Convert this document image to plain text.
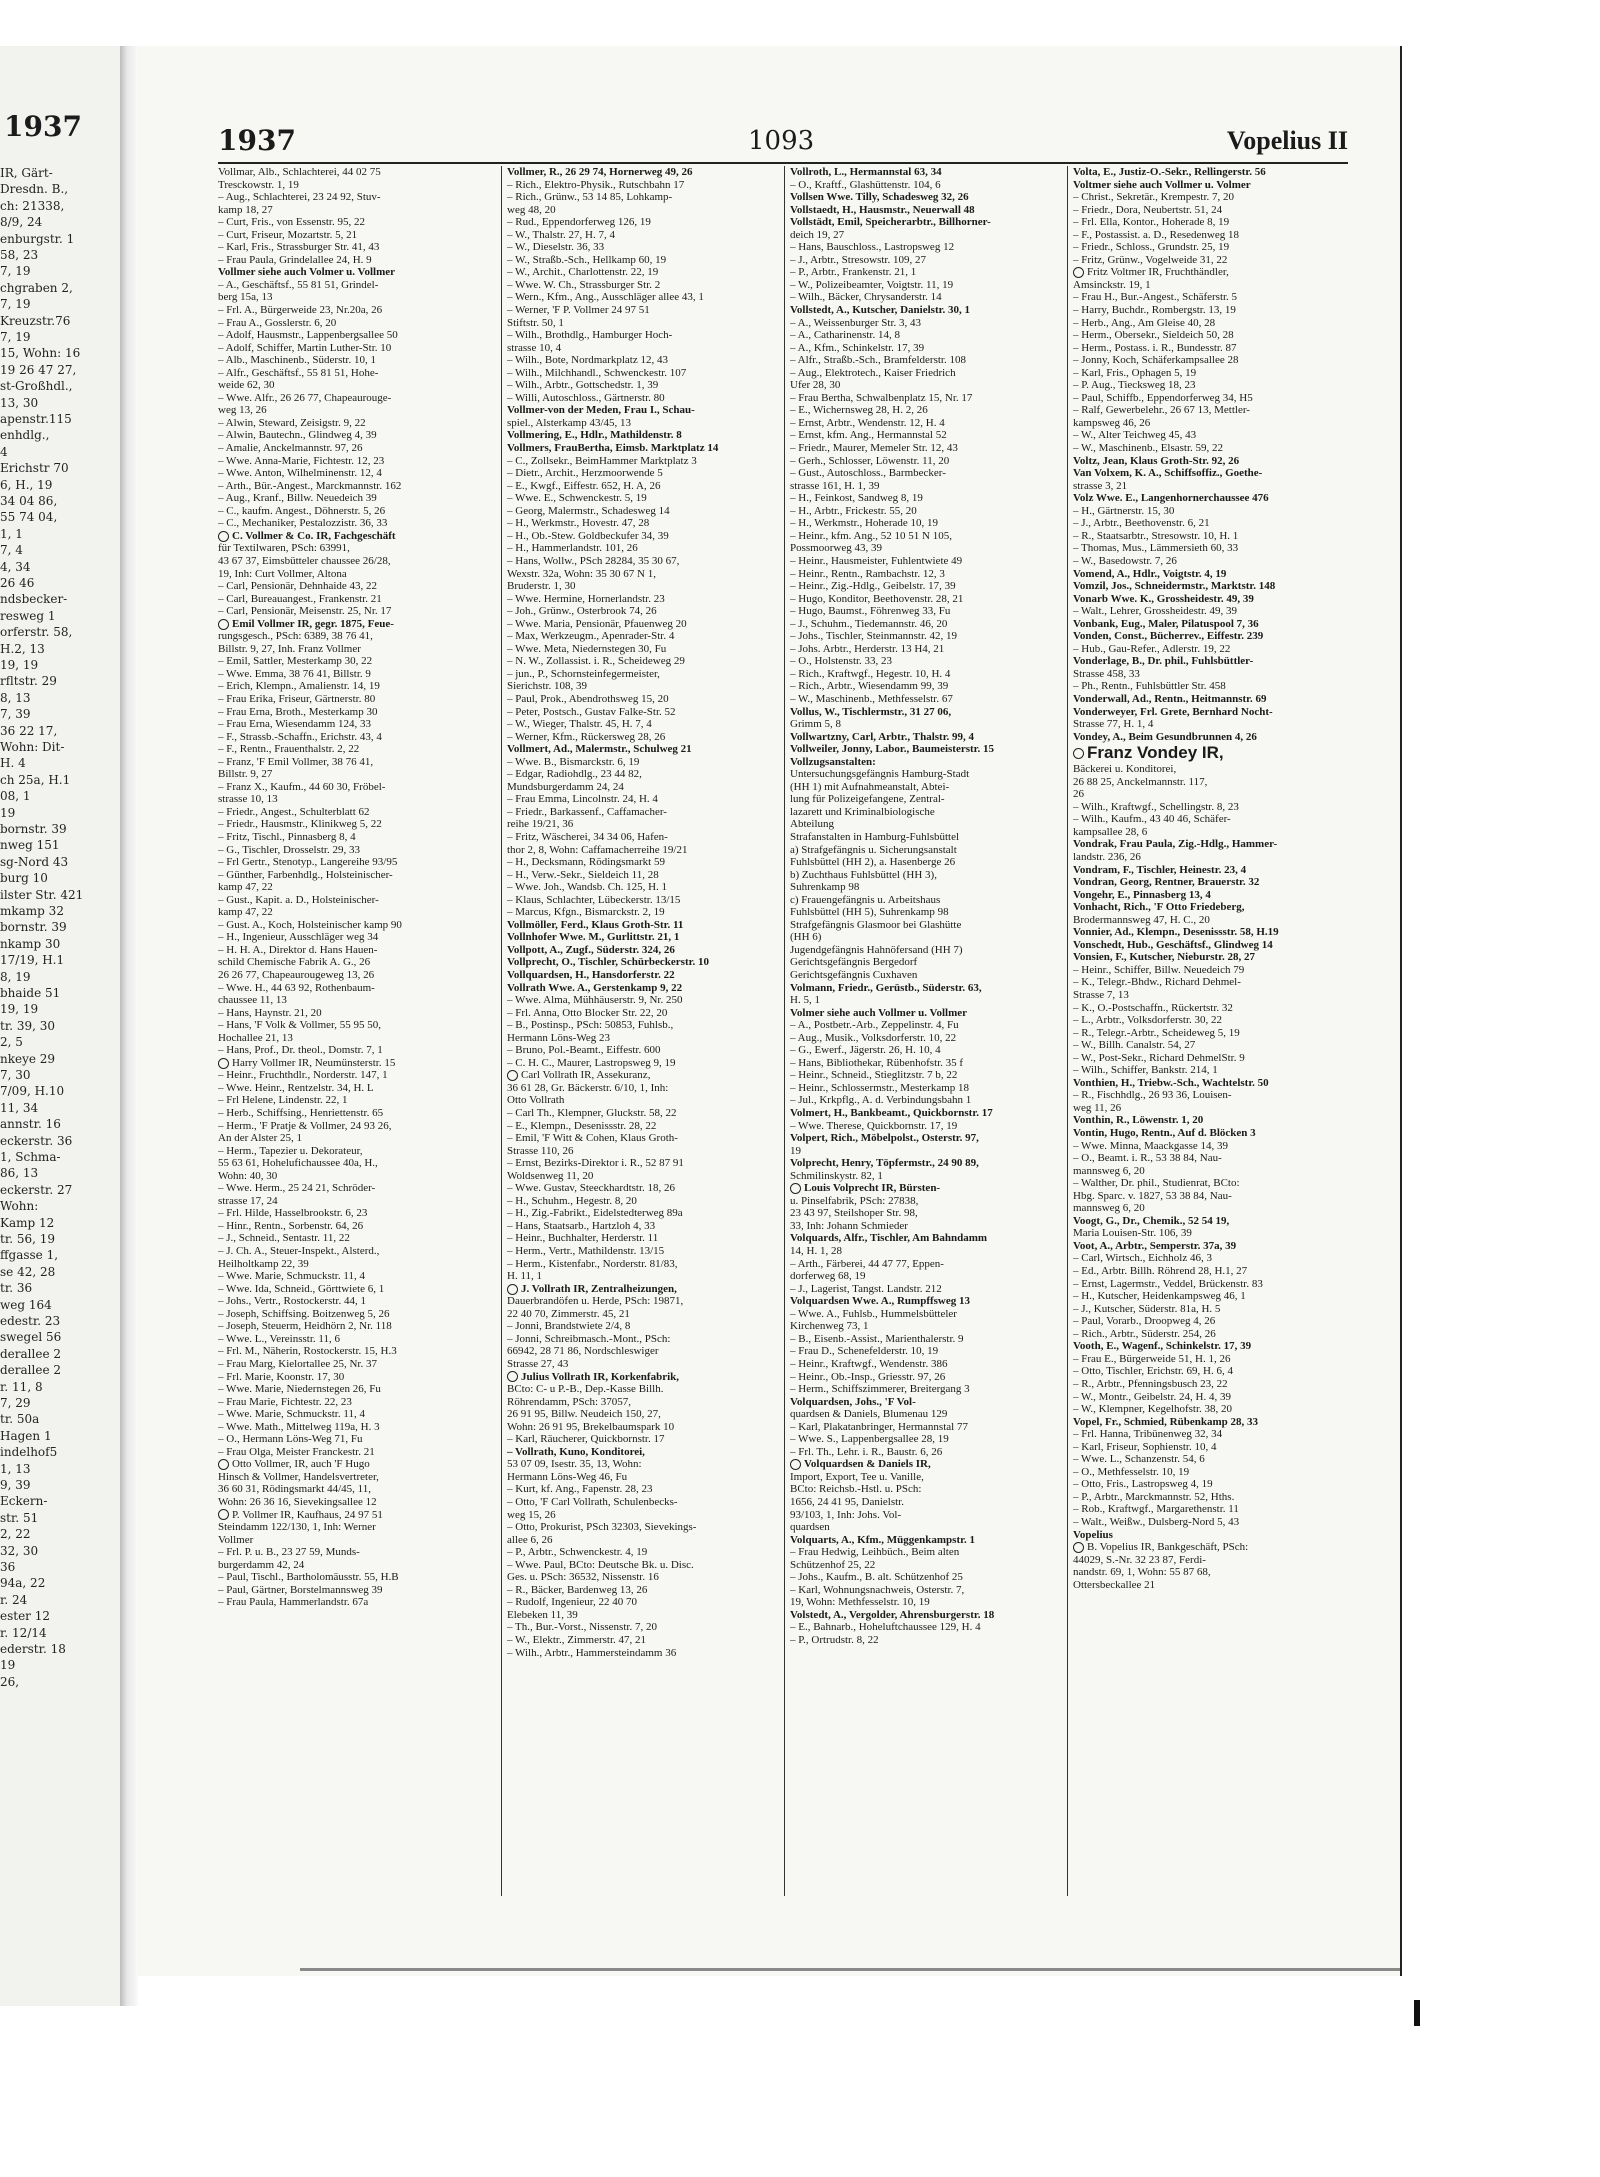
1937
IR, Gärt-
Dresdn. B.,
ch: 21338,
8/9, 24
enburgstr. 1
58, 23
7, 19
chgraben 2,
7, 19
Kreuzstr.76
7, 19
15, Wohn: 16
19 26 47 27,
st-Großhdl.,
13, 30
apenstr.115
enhdlg.,
4
Erichstr 70
6, H., 19
34 04 86,
55 74 04,
1, 1
7, 4
4, 34
26 46
ndsbecker-
resweg 1
orferstr. 58,
H.2, 13
19, 19
rfltstr. 29
8, 13
7, 39
36 22 17,
Wohn: Dit-
H. 4
ch 25a, H.1
08, 1
19
bornstr. 39
nweg 151
sg-Nord 43
burg 10
ilster Str. 421
mkamp 32
bornstr. 39
nkamp 30
17/19, H.1
8, 19
bhaide 51
19, 19
tr. 39, 30
2, 5
nkeye 29
7, 30
7/09, H.10
11, 34
annstr. 16
eckerstr. 36
1, Schma-
86, 13
eckerstr. 27
Wohn:
Kamp 12
tr. 56, 19
ffgasse 1,
se 42, 28
tr. 36
weg 164
edestr. 23
swegel 56
derallee 2
derallee 2
r. 11, 8
7, 29
tr. 50a
Hagen 1
indelhof5
1, 13
9, 39
Eckern-
str. 51
2, 22
32, 30
36
94a, 22
r. 24
ester 12
r. 12/14
ederstr. 18
19
26,
1937	1093	Vopelius II
Vollmar, Alb., Schlachterei, 44 02 75
Tresckowstr. 1, 19
– Aug., Schlachterei, 23 24 92, Stuv-
kamp 18, 27
– Curt, Fris., von Essenstr. 95, 22
– Curt, Friseur, Mozartstr. 5, 21
– Karl, Fris., Strassburger Str. 41, 43
– Frau Paula, Grindelallee 24, H. 9
Vollmer siehe auch Volmer u. Vollmer
– A., Geschäftsf., 55 81 51, Grindel-
berg 15a, 13
– Frl. A., Bürgerweide 23, Nr.20a, 26
– Frau A., Gosslerstr. 6, 20
– Adolf, Hausmstr., Lappenbergsallee 50
– Adolf, Schiffer, Martin Luther-Str. 10
– Alb., Maschinenb., Süderstr. 10, 1
– Alfr., Geschäftsf., 55 81 51, Hohe-
weide 62, 30
– Wwe. Alfr., 26 26 77, Chapeaurouge-
weg 13, 26
– Alwin, Steward, Zeisigstr. 9, 22
– Alwin, Bautechn., Glindweg 4, 39
– Amalie, Anckelmannstr. 97, 26
– Wwe. Anna-Marie, Fichtestr. 12, 23
– Wwe. Anton, Wilhelminenstr. 12, 4
– Arth., Bür.-Angest., Marckmannstr. 162
– Aug., Kranf., Billw. Neuedeich 39
– C., kaufm. Angest., Döhnerstr. 5, 26
– C., Mechaniker, Pestalozzistr. 36, 33
C. Vollmer & Co. IR, Fachgeschäft
für Textilwaren, PSch: 63991,
43 67 37, Eimsbütteler chaussee 26/28,
19, Inh: Curt Vollmer, Altona
– Carl, Pensionär, Dehnhaide 43, 22
– Carl, Bureauangest., Frankenstr. 21
– Carl, Pensionär, Meisenstr. 25, Nr. 17
Emil Vollmer IR, gegr. 1875, Feue-
rungsgesch., PSch: 6389, 38 76 41,
Billstr. 9, 27, Inh. Franz Vollmer
– Emil, Sattler, Mesterkamp 30, 22
– Wwe. Emma, 38 76 41, Billstr. 9
– Erich, Klempn., Amalienstr. 14, 19
– Frau Erika, Friseur, Gärtnerstr. 80
– Frau Erna, Broth., Mesterkamp 30
– Frau Erna, Wiesendamm 124, 33
– F., Strassb.-Schaffn., Erichstr. 43, 4
– F., Rentn., Frauenthalstr. 2, 22
– Franz, 'F Emil Vollmer, 38 76 41,
Billstr. 9, 27
– Franz X., Kaufm., 44 60 30, Fröbel-
strasse 10, 13
– Friedr., Angest., Schulterblatt 62
– Friedr., Hausmstr., Klinikweg 5, 22
– Fritz, Tischl., Pinnasberg 8, 4
– G., Tischler, Drosselstr. 29, 33
– Frl Gertr., Stenotyp., Langereihe 93/95
– Günther, Farbenhdlg., Holsteinischer-
kamp 47, 22
– Gust., Kapit. a. D., Holsteinischer-
kamp 47, 22
– Gust. A., Koch, Holsteinischer kamp 90
– H., Ingenieur, Ausschläger weg 34
– H. H. A., Direktor d. Hans Hauen-
schild Chemische Fabrik A. G., 26
26 26 77, Chapeaurougeweg 13, 26
– Wwe. H., 44 63 92, Rothenbaum-
chaussee 11, 13
– Hans, Haynstr. 21, 20
– Hans, 'F Volk & Vollmer, 55 95 50,
Hochallee 21, 13
– Hans, Prof., Dr. theol., Domstr. 7, 1
Harry Vollmer IR, Neumünsterstr. 15
– Heinr., Fruchthdlr., Norderstr. 147, 1
– Wwe. Heinr., Rentzelstr. 34, H. L
– Frl Helene, Lindenstr. 22, 1
– Herb., Schiffsing., Henriettenstr. 65
– Herm., 'F Pratje & Vollmer, 24 93 26,
An der Alster 25, 1
– Herm., Tapezier u. Dekorateur,
55 63 61, Hohelufichaussee 40a, H.,
Wohn: 40, 30
– Wwe. Herm., 25 24 21, Schröder-
strasse 17, 24
– Frl. Hilde, Hasselbrookstr. 6, 23
– Hinr., Rentn., Sorbenstr. 64, 26
– J., Schneid., Sentastr. 11, 22
– J. Ch. A., Steuer-Inspekt., Alsterd.,
Heilholtkamp 22, 39
– Wwe. Marie, Schmuckstr. 11, 4
– Wwe. Ida, Schneid., Görttwiete 6, 1
– Johs., Vertr., Rostockerstr. 44, 1
– Joseph, Schiffsing. Boitzenweg 5, 26
– Joseph, Steuerm, Heidhörn 2, Nr. 118
– Wwe. L., Vereinsstr. 11, 6
– Frl. M., Näherin, Rostockerstr. 15, H.3
– Frau Marg, Kielortallee 25, Nr. 37
– Frl. Marie, Koonstr. 17, 30
– Wwe. Marie, Niedernstegen 26, Fu
– Frau Marie, Fichtestr. 22, 23
– Wwe. Marie, Schmuckstr. 11, 4
– Wwe. Math., Mittelweg 119a, H. 3
– O., Hermann Löns-Weg 71, Fu
– Frau Olga, Meister Franckestr. 21
Otto Vollmer, IR, auch 'F Hugo
Hinsch & Vollmer, Handelsvertreter,
36 60 31, Rödingsmarkt 44/45, 11,
Wohn: 26 36 16, Sievekingsallee 12
P. Vollmer IR, Kaufhaus, 24 97 51
Steindamm 122/130, 1, Inh: Werner
Vollmer
– Frl. P. u. B., 23 27 59, Munds-
burgerdamm 42, 24
– Paul, Tischl., Bartholomäusstr. 55, H.B
– Paul, Gärtner, Borstelmannsweg 39
– Frau Paula, Hammerlandstr. 67a
Vollmer, R., 26 29 74, Hornerweg 49, 26
– Rich., Elektro-Physik., Rutschbahn 17
– Rich., Grünw., 53 14 85, Lohkamp-
weg 48, 20
– Rud., Eppendorferweg 126, 19
– W., Thalstr. 27, H. 7, 4
– W., Dieselstr. 36, 33
– W., Straßb.-Sch., Hellkamp 60, 19
– W., Archit., Charlottenstr. 22, 19
– Wwe. W. Ch., Strassburger Str. 2
– Wern., Kfm., Ang., Ausschläger allee 43, 1
– Werner, 'F P. Vollmer 24 97 51
Stiftstr. 50, 1
– Wilh., Brothdlg., Hamburger Hoch-
strasse 10, 4
– Wilh., Bote, Nordmarkplatz 12, 43
– Wilh., Milchhandl., Schwenckestr. 107
– Wilh., Arbtr., Gottschedstr. 1, 39
– Willi, Autoschloss., Gärtnerstr. 80
Vollmer-von der Meden, Frau I., Schau-
spiel., Alsterkamp 43/45, 13
Vollmering, E., Hdlr., Mathildenstr. 8
Vollmers, FrauBertha, Eimsb. Marktplatz 14
– C., Zollsekr., BeimHammer Marktplatz 3
– Dietr., Archit., Herzmoorwende 5
– E., Kwgf., Eiffestr. 652, H. A, 26
– Wwe. E., Schwenckestr. 5, 19
– Georg, Malermstr., Schadesweg 14
– H., Werkmstr., Hovestr. 47, 28
– H., Ob.-Stew. Goldbeckufer 34, 39
– H., Hammerlandstr. 101, 26
– Hans, Wollw., PSch 28284, 35 30 67,
Wexstr. 32a, Wohn: 35 30 67 N 1,
Bruderstr. 1, 30
– Wwe. Hermine, Hornerlandstr. 23
– Joh., Grünw., Osterbrook 74, 26
– Wwe. Maria, Pensionär, Pfauenweg 20
– Max, Werkzeugm., Apenrader-Str. 4
– Wwe. Meta, Niedernstegen 30, Fu
– N. W., Zollassist. i. R., Scheideweg 29
– jun., P., Schornsteinfegermeister,
Sierichstr. 108, 39
– Paul, Prok., Abendrothsweg 15, 20
– Peter, Postsch., Gustav Falke-Str. 52
– W., Wieger, Thalstr. 45, H. 7, 4
– Werner, Kfm., Rückersweg 28, 26
Vollmert, Ad., Malermstr., Schulweg 21
– Wwe. B., Bismarckstr. 6, 19
– Edgar, Radiohdlg., 23 44 82,
Mundsburgerdamm 24, 24
– Frau Emma, Lincolnstr. 24, H. 4
– Friedr., Barkassenf., Caffamacher-
reihe 19/21, 36
– Fritz, Wäscherei, 34 34 06, Hafen-
thor 2, 8, Wohn: Caffamacherreihe 19/21
– H., Decksmann, Rödingsmarkt 59
– H., Verw.-Sekr., Sieldeich 11, 28
– Wwe. Joh., Wandsb. Ch. 125, H. 1
– Klaus, Schlachter, Lübeckerstr. 13/15
– Marcus, Kfgn., Bismarckstr. 2, 19
Vollmöller, Ferd., Klaus Groth-Str. 11
Vollnhofer Wwe. M., Gurlittstr. 21, 1
Vollpott, A., Zugf., Süderstr. 324, 26
Vollprecht, O., Tischler, Schürbeckerstr. 10
Vollquardsen, H., Hansdorferstr. 22
Vollrath Wwe. A., Gerstenkamp 9, 22
– Wwe. Alma, Mühhäuserstr. 9, Nr. 250
– Frl. Anna, Otto Blocker Str. 22, 20
– B., Postinsp., PSch: 50853, Fuhlsb.,
Hermann Löns-Weg 23
– Bruno, Pol.-Beamt., Eiffestr. 600
– C. H. C., Maurer, Lastropsweg 9, 19
Carl Vollrath IR, Assekuranz,
36 61 28, Gr. Bäckerstr. 6/10, 1, Inh:
Otto Vollrath
– Carl Th., Klempner, Gluckstr. 58, 22
– E., Klempn., Desenissstr. 28, 22
– Emil, 'F Witt & Cohen, Klaus Groth-
Strasse 110, 26
– Ernst, Bezirks-Direktor i. R., 52 87 91
Woldsenweg 11, 20
– Wwe. Gustav, Steeckhardtstr. 18, 26
– H., Schuhm., Hegestr. 8, 20
– H., Zig.-Fabrikt., Eidelstedterweg 89a
– Hans, Staatsarb., Hartzloh 4, 33
– Heinr., Buchhalter, Herderstr. 11
– Herm., Vertr., Mathildenstr. 13/15
– Herm., Kistenfabr., Norderstr. 81/83,
H. 11, 1
J. Vollrath IR, Zentralheizungen,
Dauerbrandöfen u. Herde, PSch: 19871,
22 40 70, Zimmerstr. 45, 21
– Jonni, Brandstwiete 2/4, 8
– Jonni, Schreibmasch.-Mont., PSch:
66942, 28 71 86, Nordschleswiger
Strasse 27, 43
Julius Vollrath IR, Korkenfabrik,
BCto: C- u P.-B., Dep.-Kasse Billh.
Röhrendamm, PSch: 37057,
26 91 95, Billw. Neudeich 150, 27,
Wohn: 26 91 95, Brekelbaumspark 10
– Karl, Räucherer, Quickbornstr. 17
– Vollrath, Kuno, Konditorei,
53 07 09, Isestr. 35, 13, Wohn:
Hermann Löns-Weg 46, Fu
– Kurt, kf. Ang., Fapenstr. 28, 23
– Otto, 'F Carl Vollrath, Schulenbecks-
weg 15, 26
– Otto, Prokurist, PSch 32303, Sievekings-
allee 6, 26
– P., Arbtr., Schwenckestr. 4, 19
– Wwe. Paul, BCto: Deutsche Bk. u. Disc.
Ges. u. PSch: 36532, Nissenstr. 16
– R., Bäcker, Bardenweg 13, 26
– Rudolf, Ingenieur, 22 40 70
Elebeken 11, 39
– Th., Bur.-Vorst., Nissenstr. 7, 20
– W., Elektr., Zimmerstr. 47, 21
– Wilh., Arbtr., Hammersteindamm 36
Vollroth, L., Hermannstal 63, 34
– O., Kraftf., Glashüttenstr. 104, 6
Vollsen Wwe. Tilly, Schadesweg 32, 26
Vollstaedt, H., Hausmstr., Neuerwall 48
Vollstädt, Emil, Speicherarbtr., Billhorner-
deich 19, 27
– Hans, Bauschloss., Lastropsweg 12
– J., Arbtr., Stresowstr. 109, 27
– P., Arbtr., Frankenstr. 21, 1
– W., Polizeibeamter, Voigtstr. 11, 19
– Wilh., Bäcker, Chrysanderstr. 14
Vollstedt, A., Kutscher, Danielstr. 30, 1
– A., Weissenburger Str. 3, 43
– A., Catharinenstr. 14, 8
– A., Kfm., Schinkelstr. 17, 39
– Alfr., Straßb.-Sch., Bramfelderstr. 108
– Aug., Elektrotech., Kaiser Friedrich
Ufer 28, 30
– Frau Bertha, Schwalbenplatz 15, Nr. 17
– E., Wichernsweg 28, H. 2, 26
– Ernst, Arbtr., Wendenstr. 12, H. 4
– Ernst, kfm. Ang., Hermannstal 52
– Friedr., Maurer, Memeler Str. 12, 43
– Gerh., Schlosser, Löwenstr. 11, 20
– Gust., Autoschloss., Barmbecker-
strasse 161, H. 1, 39
– H., Feinkost, Sandweg 8, 19
– H., Arbtr., Frickestr. 55, 20
– H., Werkmstr., Hoherade 10, 19
– Heinr., kfm. Ang., 52 10 51 N 105,
Possmoorweg 43, 39
– Heinr., Hausmeister, Fuhlentwiete 49
– Heinr., Rentn., Rambachstr. 12, 3
– Heinr., Zig.-Hdlg., Geibelstr. 17, 39
– Hugo, Konditor, Beethovenstr. 28, 21
– Hugo, Baumst., Föhrenweg 33, Fu
– J., Schuhm., Tiedemannstr. 46, 20
– Johs., Tischler, Steinmannstr. 42, 19
– Johs. Arbtr., Herderstr. 13 H4, 21
– O., Holstenstr. 33, 23
– Rich., Kraftwgf., Hegestr. 10, H. 4
– Rich., Arbtr., Wiesendamm 99, 39
– W., Maschinenb., Methfesselstr. 67
Vollus, W., Tischlermstr., 31 27 06,
Grimm 5, 8
Vollwartzny, Carl, Arbtr., Thalstr. 99, 4
Vollweiler, Jonny, Labor., Baumeisterstr. 15
Vollzugsanstalten:
Untersuchungsgefängnis Hamburg-Stadt
(HH 1) mit Aufnahmeanstalt, Abtei-
lung für Polizeigefangene, Zentral-
lazarett und Kriminalbiologische
Abteilung
Strafanstalten in Hamburg-Fuhlsbüttel
a) Strafgefängnis u. Sicherungsanstalt
Fuhlsbüttel (HH 2), a. Hasenberge 26
b) Zuchthaus Fuhlsbüttel (HH 3),
Suhrenkamp 98
c) Frauengefängnis u. Arbeitshaus
Fuhlsbüttel (HH 5), Suhrenkamp 98
Strafgefängnis Glasmoor bei Glashütte
(HH 6)
Jugendgefängnis Hahnöfersand (HH 7)
Gerichtsgefängnis Bergedorf
Gerichtsgefängnis Cuxhaven
Volmann, Friedr., Gerüstb., Süderstr. 63,
H. 5, 1
Volmer siehe auch Vollmer u. Vollmer
– A., Postbetr.-Arb., Zeppelinstr. 4, Fu
– Aug., Musik., Volksdorferstr. 10, 22
– G., Ewerf., Jägerstr. 26, H. 10, 4
– Hans, Bibliothekar, Rübenhofstr. 35 f
– Heinr., Schneid., Stieglitzstr. 7 b, 22
– Heinr., Schlossermstr., Mesterkamp 18
– Jul., Krkpflg., A. d. Verbindungsbahn 1
Volmert, H., Bankbeamt., Quickbornstr. 17
– Wwe. Therese, Quickbornstr. 17, 19
Volpert, Rich., Möbelpolst., Osterstr. 97,
19
Volprecht, Henry, Töpfermstr., 24 90 89,
Schmilinskystr. 82, 1
Louis Volprecht IR, Bürsten-
u. Pinselfabrik, PSch: 27838,
23 43 97, Steilshoper Str. 98,
33, Inh: Johann Schmieder
Volquards, Alfr., Tischler, Am Bahndamm
14, H. 1, 28
– Arth., Färberei, 44 47 77, Eppen-
dorferweg 68, 19
– J., Lagerist, Tangst. Landstr. 212
Volquardsen Wwe. A., Rumpffsweg 13
– Wwe. A., Fuhlsb., Hummelsbütteler
Kirchenweg 73, 1
– B., Eisenb.-Assist., Marienthalerstr. 9
– Frau D., Schenefelderstr. 10, 19
– Heinr., Kraftwgf., Wendenstr. 386
– Heinr., Ob.-Insp., Griesstr. 97, 26
– Herm., Schiffszimmerer, Breitergang 3
Volquardsen, Johs., 'F Vol-
quardsen & Daniels, Blumenau 129
– Karl, Plakatanbringer, Hermannstal 77
– Wwe. S., Lappenbergsallee 28, 19
– Frl. Th., Lehr. i. R., Baustr. 6, 26
Volquardsen & Daniels IR,
Import, Export, Tee u. Vanille,
BCto: Reichsb.-Hstl. u. PSch:
1656, 24 41 95, Danielstr.
93/103, 1, Inh: Johs. Vol-
quardsen
Volquarts, A., Kfm., Müggenkampstr. 1
– Frau Hedwig, Leihbüch., Beim alten
Schützenhof 25, 22
– Johs., Kaufm., B. alt. Schützenhof 25
– Karl, Wohnungsnachweis, Osterstr. 7,
19, Wohn: Methfesselstr. 10, 19
Volstedt, A., Vergolder, Ahrensburgerstr. 18
– E., Bahnarb., Hoheluftchaussee 129, H. 4
– P., Ortrudstr. 8, 22
Volta, E., Justiz-O.-Sekr., Rellingerstr. 56
Voltmer siehe auch Vollmer u. Volmer
– Christ., Sekretär., Krempestr. 7, 20
– Friedr., Dora, Neubertstr. 51, 24
– Frl. Ella, Kontor., Hoherade 8, 19
– F., Postassist. a. D., Resedenweg 18
– Friedr., Schloss., Grundstr. 25, 19
– Fritz, Grünw., Vogelweide 31, 22
Fritz Voltmer IR, Fruchthändler,
Amsinckstr. 19, 1
– Frau H., Bur.-Angest., Schäferstr. 5
– Harry, Buchdr., Rombergstr. 13, 19
– Herb., Ang., Am Gleise 40, 28
– Herm., Obersekr., Sieldeich 50, 28
– Herm., Postass. i. R., Bundesstr. 87
– Jonny, Koch, Schäferkampsallee 28
– Karl, Fris., Ophagen 5, 19
– P. Aug., Tiecksweg 18, 23
– Paul, Schiffb., Eppendorferweg 34, H5
– Ralf, Gewerbelehr., 26 67 13, Mettler-
kampsweg 46, 26
– W., Alter Teichweg 45, 43
– W., Maschinenb., Elsastr. 59, 22
Voltz, Jean, Klaus Groth-Str. 92, 26
Van Volxem, K. A., Schiffsoffiz., Goethe-
strasse 3, 21
Volz Wwe. E., Langenhornerchaussee 476
– H., Gärtnerstr. 15, 30
– J., Arbtr., Beethovenstr. 6, 21
– R., Staatsarbtr., Stresowstr. 10, H. 1
– Thomas, Mus., Lämmersieth 60, 33
– W., Basedowstr. 7, 26
Vomend, A., Hdlr., Voigtstr. 4, 19
Vomzil, Jos., Schneidermstr., Marktstr. 148
Vonarb Wwe. K., Grossheidestr. 49, 39
– Walt., Lehrer, Grossheidestr. 49, 39
Vonbank, Eug., Maler, Pilatuspool 7, 36
Vonden, Const., Bücherrev., Eiffestr. 239
– Hub., Gau-Refer., Adlerstr. 19, 22
Vonderlage, B., Dr. phil., Fuhlsbüttler-
Strasse 458, 33
– Ph., Rentn., Fuhlsbüttler Str. 458
Vonderwall, Ad., Rentn., Heitmannstr. 69
Vonderweyer, Frl. Grete, Bernhard Nocht-
Strasse 77, H. 1, 4
Vondey, A., Beim Gesundbrunnen 4, 26
Franz Vondey IR,
Bäckerei u. Konditorei,
26 88 25, Anckelmannstr. 117,
26
– Wilh., Kraftwgf., Schellingstr. 8, 23
– Wilh., Kaufm., 43 40 46, Schäfer-
kampsallee 28, 6
Vondrak, Frau Paula, Zig.-Hdlg., Hammer-
landstr. 236, 26
Vondram, F., Tischler, Heinestr. 23, 4
Vondran, Georg, Rentner, Brauerstr. 32
Vongehr, E., Pinnasberg 13, 4
Vonhacht, Rich., 'F Otto Friedeberg,
Brodermannsweg 47, H. C., 20
Vonnier, Ad., Klempn., Desenissstr. 58, H.19
Vonschedt, Hub., Geschäftsf., Glindweg 14
Vonsien, F., Kutscher, Nieburstr. 28, 27
– Heinr., Schiffer, Billw. Neuedeich 79
– K., Telegr.-Bhdw., Richard Dehmel-
Strasse 7, 13
– K., O.-Postschaffn., Rückertstr. 32
– L., Arbtr., Volksdorferstr. 30, 22
– R., Telegr.-Arbtr., Scheideweg 5, 19
– W., Billh. Canalstr. 54, 27
– W., Post-Sekr., Richard DehmelStr. 9
– Wilh., Schiffer, Bankstr. 214, 1
Vonthien, H., Triebw.-Sch., Wachtelstr. 50
– R., Fischhdlg., 26 93 36, Louisen-
weg 11, 26
Vonthin, R., Löwenstr. 1, 20
Vontin, Hugo, Rentn., Auf d. Blöcken 3
– Wwe. Minna, Maackgasse 14, 39
– O., Beamt. i. R., 53 38 84, Nau-
mannsweg 6, 20
– Walther, Dr. phil., Studienrat, BCto:
Hbg. Sparc. v. 1827, 53 38 84, Nau-
mannsweg 6, 20
Voogt, G., Dr., Chemik., 52 54 19,
Maria Louisen-Str. 106, 39
Voot, A., Arbtr., Semperstr. 37a, 39
– Carl, Wirtsch., Eichholz 46, 3
– Ed., Arbtr. Billh. Röhrend 28, H.1, 27
– Ernst, Lagermstr., Veddel, Brückenstr. 83
– H., Kutscher, Heidenkampsweg 46, 1
– J., Kutscher, Süderstr. 81a, H. 5
– Paul, Vorarb., Droopweg 4, 26
– Rich., Arbtr., Süderstr. 254, 26
Vooth, E., Wagenf., Schinkelstr. 17, 39
– Frau E., Bürgerweide 51, H. 1, 26
– Otto, Tischler, Erichstr. 69, H. 6, 4
– R., Arbtr., Pfenningsbusch 23, 22
– W., Montr., Geibelstr. 24, H. 4, 39
– W., Klempner, Kegelhofstr. 38, 20
Vopel, Fr., Schmied, Rübenkamp 28, 33
– Frl. Hanna, Tribünenweg 32, 34
– Karl, Friseur, Sophienstr. 10, 4
– Wwe. L., Schanzenstr. 54, 6
– O., Methfesselstr. 10, 19
– Otto, Fris., Lastropsweg 4, 19
– P., Arbtr., Marckmannstr. 52, Hths.
– Rob., Kraftwgf., Margarethenstr. 11
– Walt., Weißw., Dulsberg-Nord 5, 43
Vopelius
B. Vopelius IR, Bankgeschäft, PSch:
44029, S.-Nr. 32 23 87, Ferdi-
nandstr. 69, 1, Wohn: 55 87 68,
Ottersbeckallee 21
